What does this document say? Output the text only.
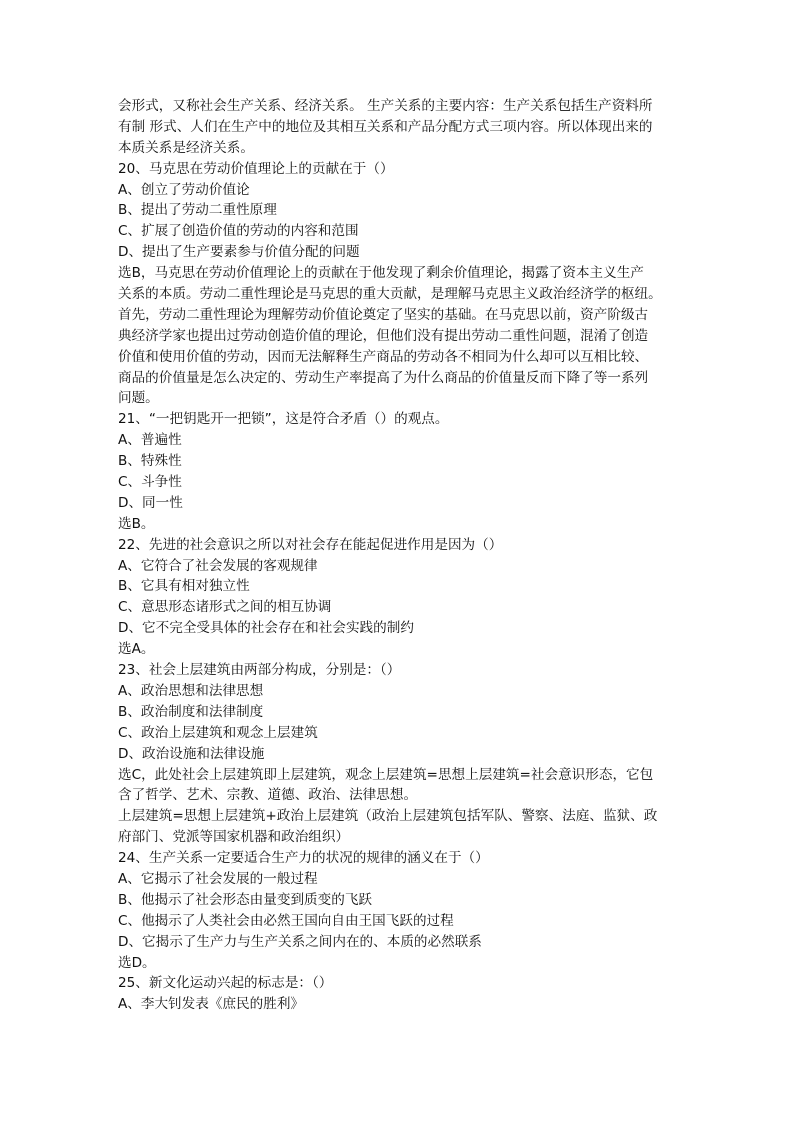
会形式，又称社会生产关系、经济关系。 生产关系的主要内容：生产关系包括生产资料所
有制 形式、人们在生产中的地位及其相互关系和产品分配方式三项内容。所以体现出来的
本质关系是经济关系。
20、马克思在劳动价值理论上的贡献在于（）
A、创立了劳动价值论
B、提出了劳动二重性原理
C、扩展了创造价值的劳动的内容和范围
D、提出了生产要素参与价值分配的问题
选B，马克思在劳动价值理论上的贡献在于他发现了剩余价值理论，揭露了资本主义生产
关系的本质。劳动二重性理论是马克思的重大贡献，是理解马克思主义政治经济学的枢纽。
首先，劳动二重性理论为理解劳动价值论奠定了坚实的基础。在马克思以前，资产阶级古
典经济学家也提出过劳动创造价值的理论，但他们没有提出劳动二重性问题，混淆了创造
价值和使用价值的劳动，因而无法解释生产商品的劳动各不相同为什么却可以互相比较、
商品的价值量是怎么决定的、劳动生产率提高了为什么商品的价值量反而下降了等一系列
问题。
21、“一把钥匙开一把锁”，这是符合矛盾（）的观点。
A、普遍性
B、特殊性
C、斗争性
D、同一性
选B。
22、先进的社会意识之所以对社会存在能起促进作用是因为（）
A、它符合了社会发展的客观规律
B、它具有相对独立性
C、意思形态诸形式之间的相互协调
D、它不完全受具体的社会存在和社会实践的制约
选A。
23、社会上层建筑由两部分构成，分别是：（）
A、政治思想和法律思想
B、政治制度和法律制度
C、政治上层建筑和观念上层建筑
D、政治设施和法律设施
选C，此处社会上层建筑即上层建筑，观念上层建筑=思想上层建筑=社会意识形态，它包
含了哲学、艺术、宗教、道德、政治、法律思想。
上层建筑=思想上层建筑+政治上层建筑（政治上层建筑包括军队、警察、法庭、监狱、政
府部门、党派等国家机器和政治组织）
24、生产关系一定要适合生产力的状况的规律的涵义在于（）
A、它揭示了社会发展的一般过程
B、他揭示了社会形态由量变到质变的飞跃
C、他揭示了人类社会由必然王国向自由王国飞跃的过程
D、它揭示了生产力与生产关系之间内在的、本质的必然联系
选D。
25、新文化运动兴起的标志是：（）
A、李大钊发表《庶民的胜利》
